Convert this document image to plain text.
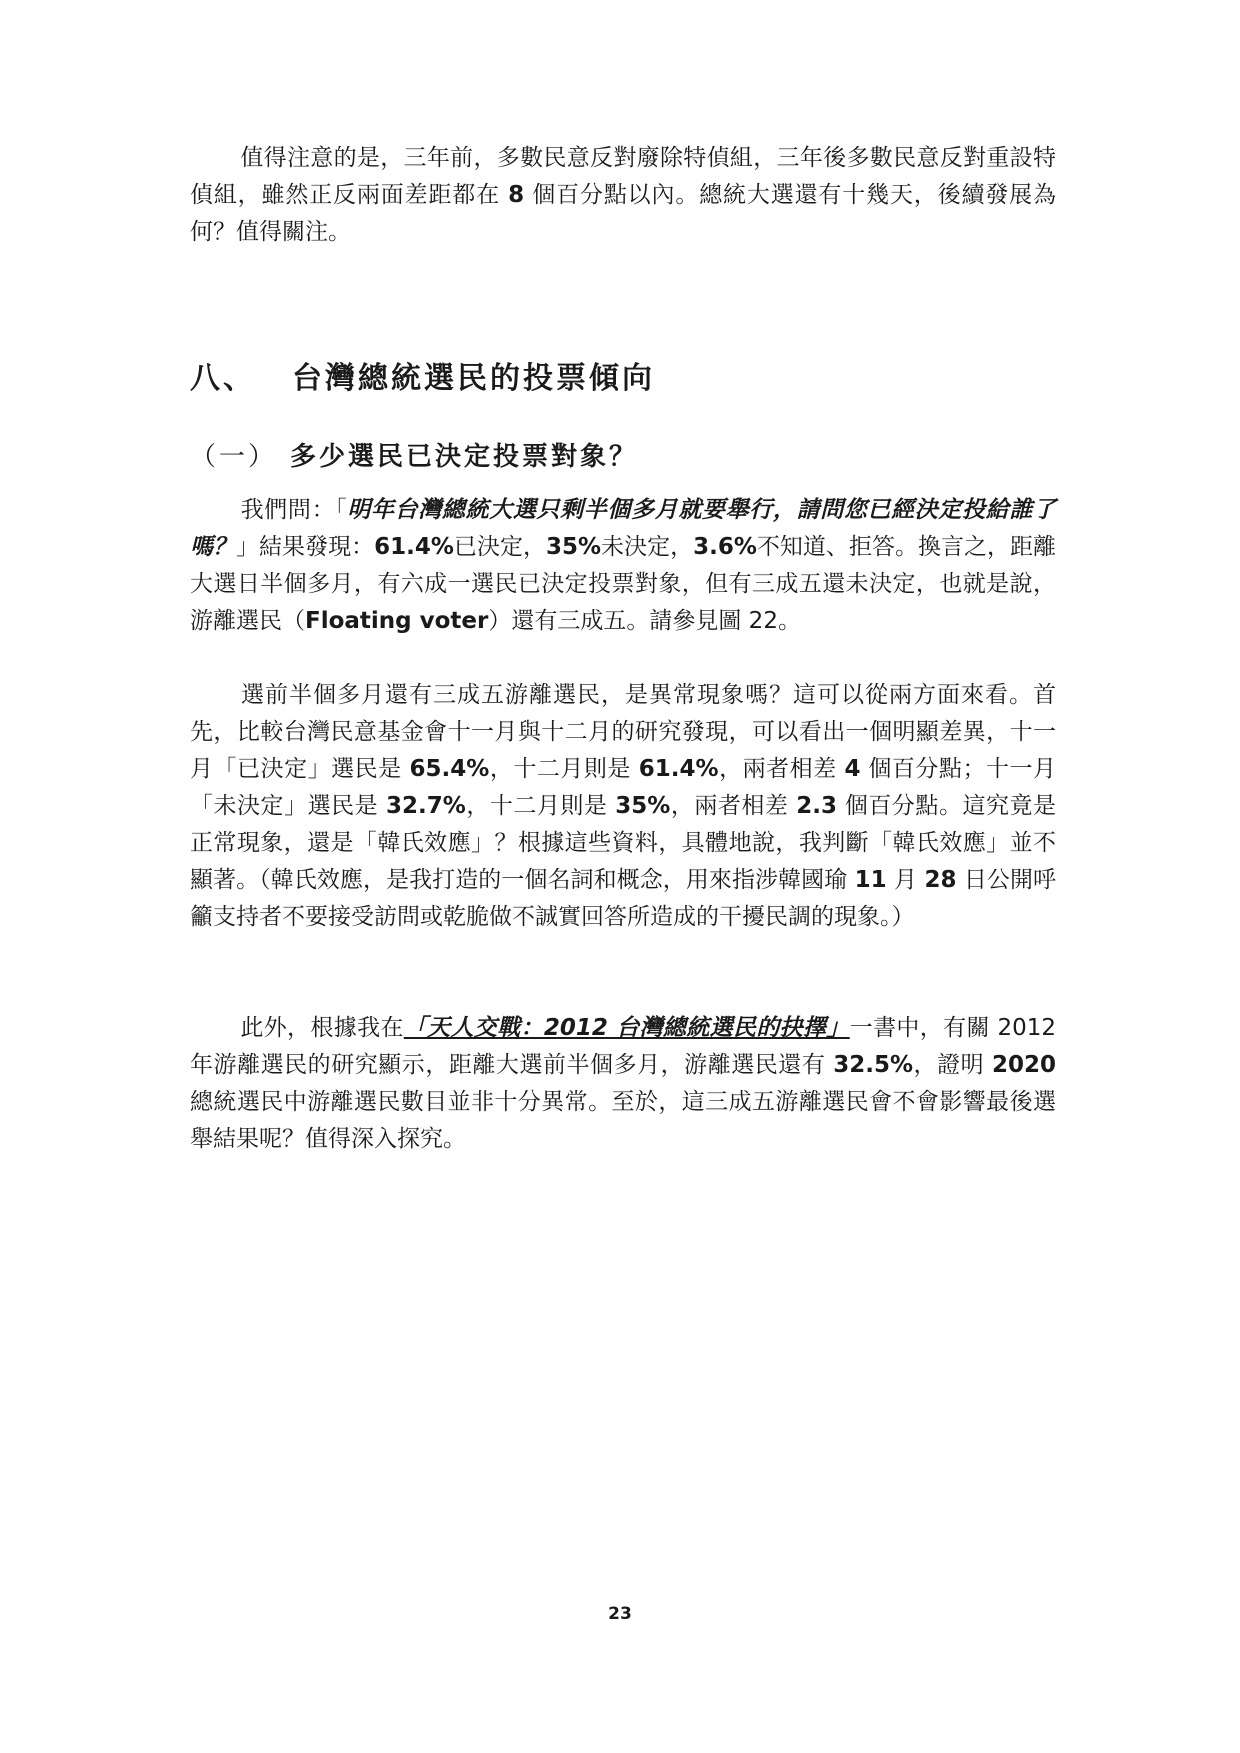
值得注意的是，三年前，多數民意反對廢除特偵組，三年後多數民意反對重設特偵組，雖然正反兩面差距都在 8 個百分點以內。總統大選還有十幾天，後續發展為何？值得關注。

八、 台灣總統選民的投票傾向
（一） 多少選民已決定投票對象？

我們問：「明年台灣總統大選只剩半個多月就要舉行，請問您已經決定投給誰了嗎？」結果發現：61.4%已決定，35%未決定，3.6%不知道、拒答。換言之，距離大選日半個多月，有六成一選民已決定投票對象，但有三成五還未決定，也就是說，游離選民（Floating voter）還有三成五。請參見圖 22。

選前半個多月還有三成五游離選民，是異常現象嗎？這可以從兩方面來看。首先，比較台灣民意基金會十一月與十二月的研究發現，可以看出一個明顯差異，十一月「已決定」選民是 65.4%，十二月則是 61.4%，兩者相差 4 個百分點；十一月「未決定」選民是 32.7%，十二月則是 35%，兩者相差 2.3 個百分點。這究竟是正常現象，還是「韓氏效應」？根據這些資料，具體地說，我判斷「韓氏效應」並不顯著。（韓氏效應，是我打造的一個名詞和概念，用來指涉韓國瑜 11 月 28 日公開呼籲支持者不要接受訪問或乾脆做不誠實回答所造成的干擾民調的現象。）

此外，根據我在「天人交戰：2012 台灣總統選民的抉擇」一書中，有關 2012 年游離選民的研究顯示，距離大選前半個多月，游離選民還有 32.5%，證明 2020 總統選民中游離選民數目並非十分異常。至於，這三成五游離選民會不會影響最後選舉結果呢？值得深入探究。

23
